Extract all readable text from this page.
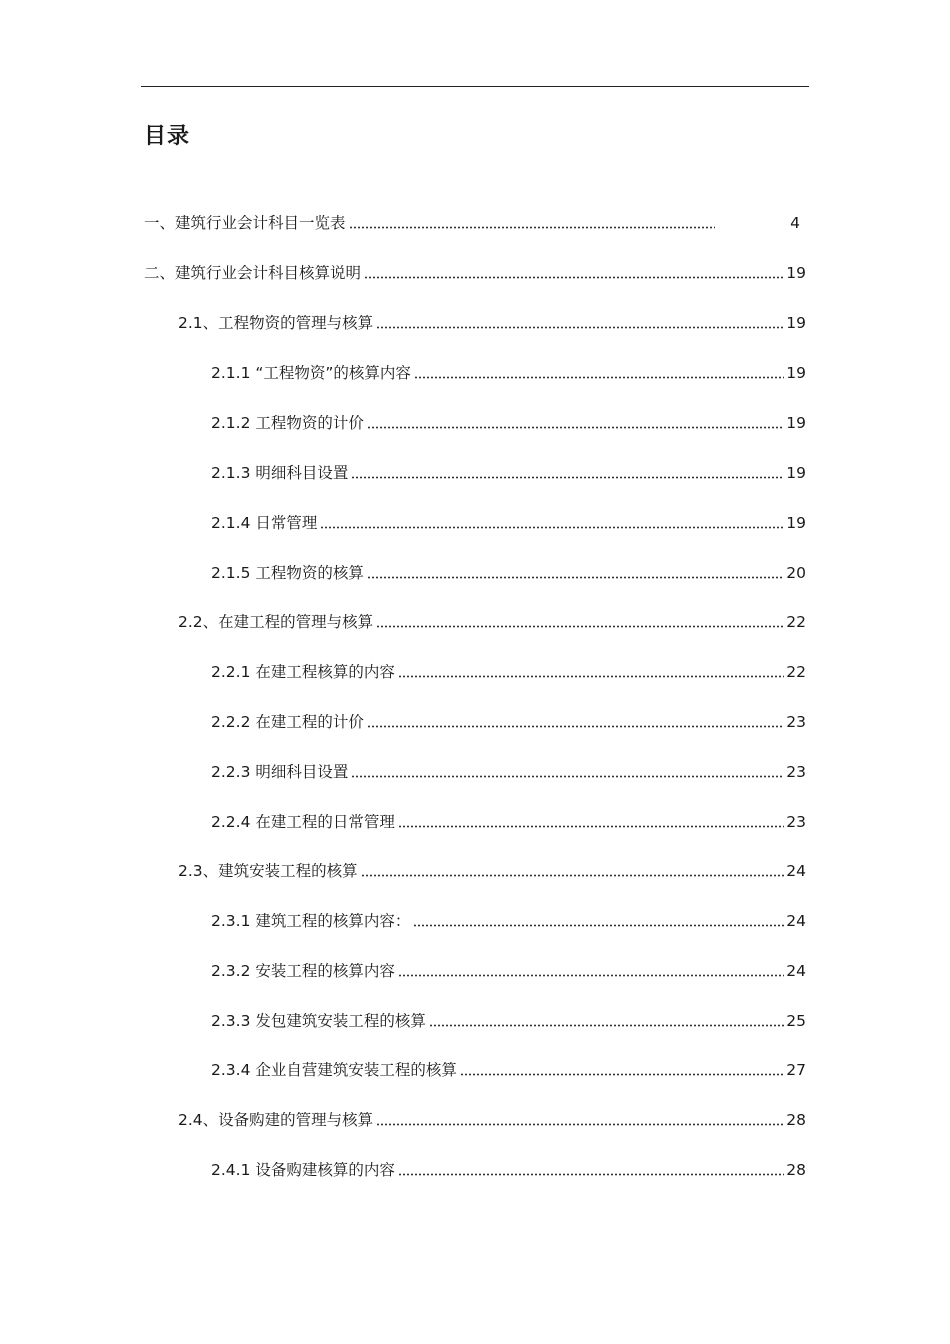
目录
一、建筑行业会计科目一览表	4
二、建筑行业会计科目核算说明	19
2.1、工程物资的管理与核算	19
2.1.1 “工程物资”的核算内容	19
2.1.2 工程物资的计价	19
2.1.3 明细科目设置	19
2.1.4 日常管理	19
2.1.5 工程物资的核算	20
2.2、在建工程的管理与核算	22
2.2.1 在建工程核算的内容	22
2.2.2 在建工程的计价	23
2.2.3 明细科目设置	23
2.2.4 在建工程的日常管理	23
2.3、建筑安装工程的核算	24
2.3.1 建筑工程的核算内容：	24
2.3.2 安装工程的核算内容	24
2.3.3 发包建筑安装工程的核算	25
2.3.4 企业自营建筑安装工程的核算	27
2.4、设备购建的管理与核算	28
2.4.1 设备购建核算的内容	28
